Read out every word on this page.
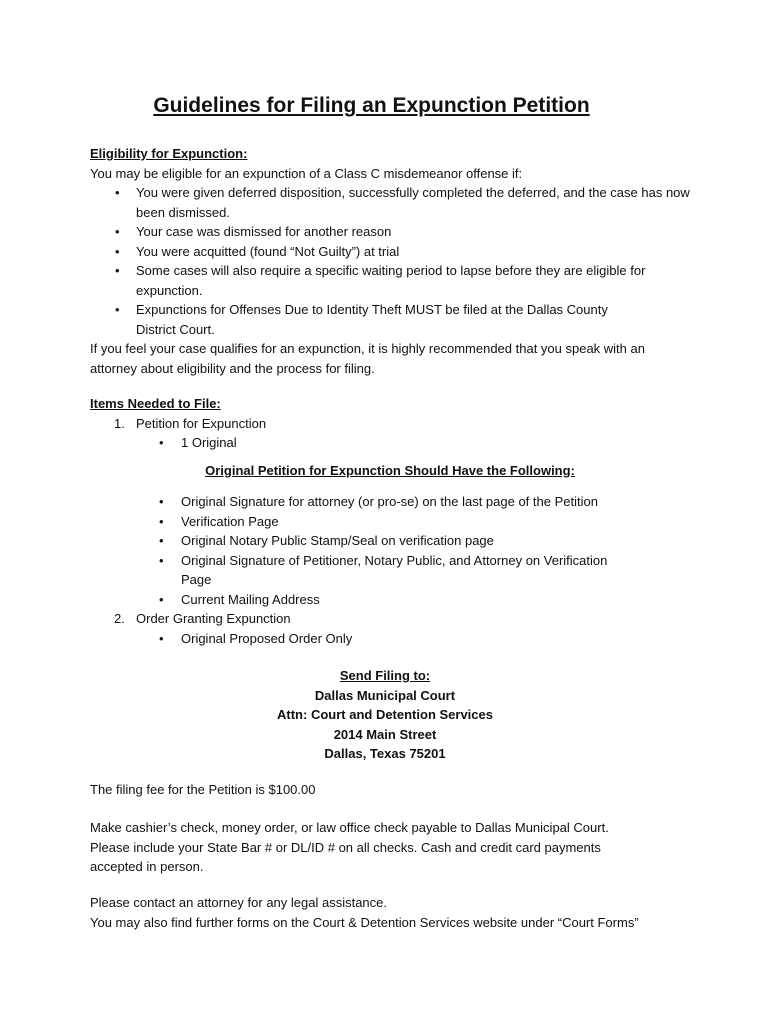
Guidelines for Filing an Expunction Petition

Eligibility for Expunction:

You may be eligible for an expunction of a Class C misdemeanor offense if:

• You were given deferred disposition, successfully completed the deferred, and the case has now been dismissed.
• Your case was dismissed for another reason
• You were acquitted (found “Not Guilty”) at trial
• Some cases will also require a specific waiting period to lapse before they are eligible for expunction.
• Expunctions for Offenses Due to Identity Theft MUST be filed at the Dallas County District Court.

If you feel your case qualifies for an expunction, it is highly recommended that you speak with an attorney about eligibility and the process for filing.

Items Needed to File:

1. Petition for Expunction
• 1 Original

Original Petition for Expunction Should Have the Following:

• Original Signature for attorney (or pro-se) on the last page of the Petition
• Verification Page
• Original Notary Public Stamp/Seal on verification page
• Original Signature of Petitioner, Notary Public, and Attorney on Verification Page
• Current Mailing Address
2. Order Granting Expunction
• Original Proposed Order Only

Send Filing to:

Dallas Municipal Court

Attn: Court and Detention Services

2014 Main Street

Dallas, Texas 75201

The filing fee for the Petition is $100.00

Make cashier’s check, money order, or law office check payable to Dallas Municipal Court. Please include your State Bar # or DL/ID # on all checks. Cash and credit card payments accepted in person.

Please contact an attorney for any legal assistance.

You may also find further forms on the Court & Detention Services website under “Court Forms”
